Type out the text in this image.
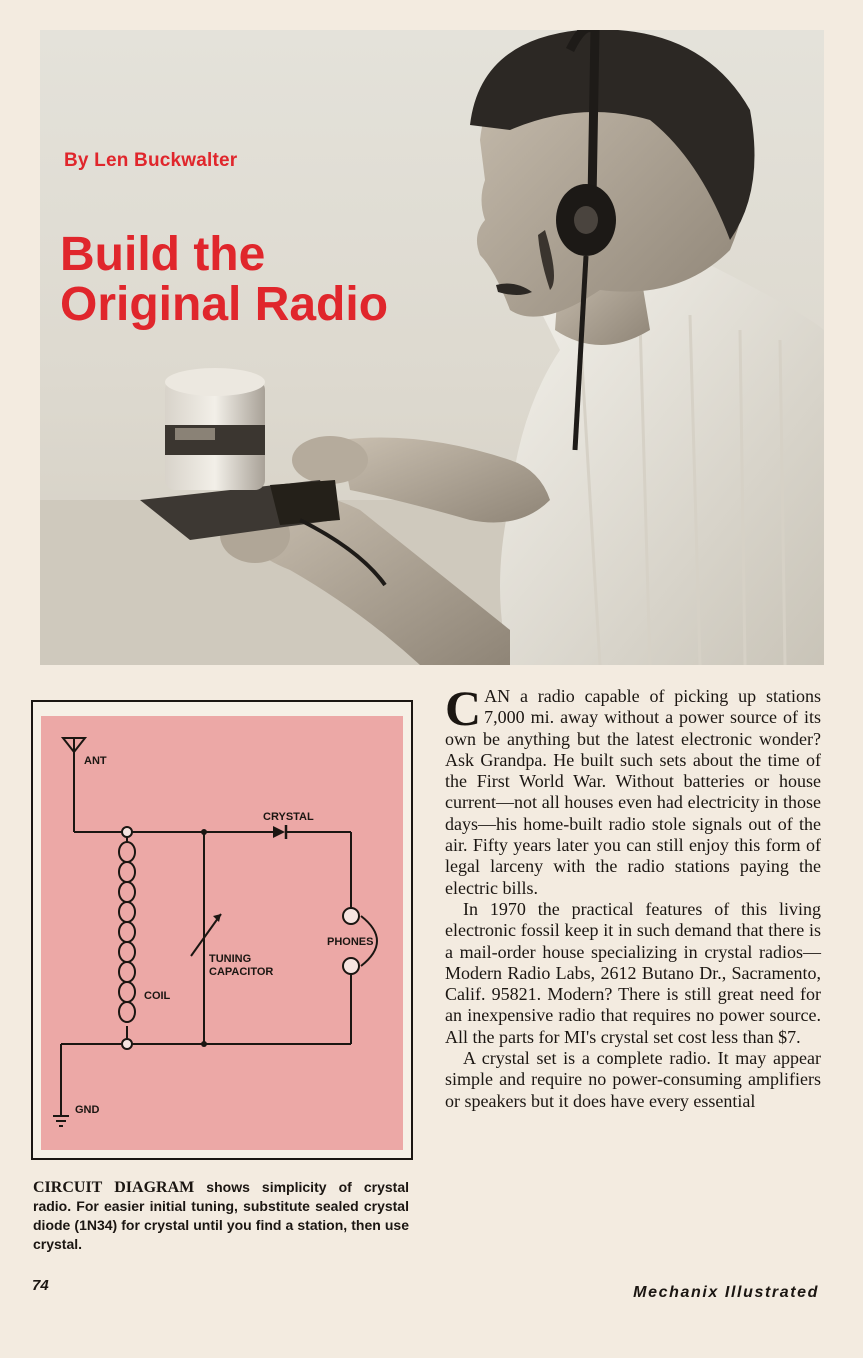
By Len Buckwalter
Build the
Original Radio
ANT
CRYSTAL
PHONES
TUNING
CAPACITOR
COIL
GND

CIRCUIT DIAGRAM shows simplicity of crystal radio. For easier initial tuning, substitute sealed crystal diode (1N34) for crystal until you find a station, then use crystal.

CAN a radio capable of picking up stations 7,000 mi. away without a power source of its own be anything but the latest electronic wonder? Ask Grandpa. He built such sets about the time of the First World War. Without batteries or house current—not all houses even had electricity in those days—his home-built radio stole signals out of the air. Fifty years later you can still enjoy this form of legal larceny with the radio stations paying the electric bills.

In 1970 the practical features of this living electronic fossil keep it in such demand that there is a mail-order house specializing in crystal radios—Modern Radio Labs, 2612 Butano Dr., Sacramento, Calif. 95821. Modern? There is still great need for an inexpensive radio that requires no power source. All the parts for MI's crystal set cost less than $7.

A crystal set is a complete radio. It may appear simple and require no power-consuming amplifiers or speakers but it does have every essential

74	Mechanix Illustrated
